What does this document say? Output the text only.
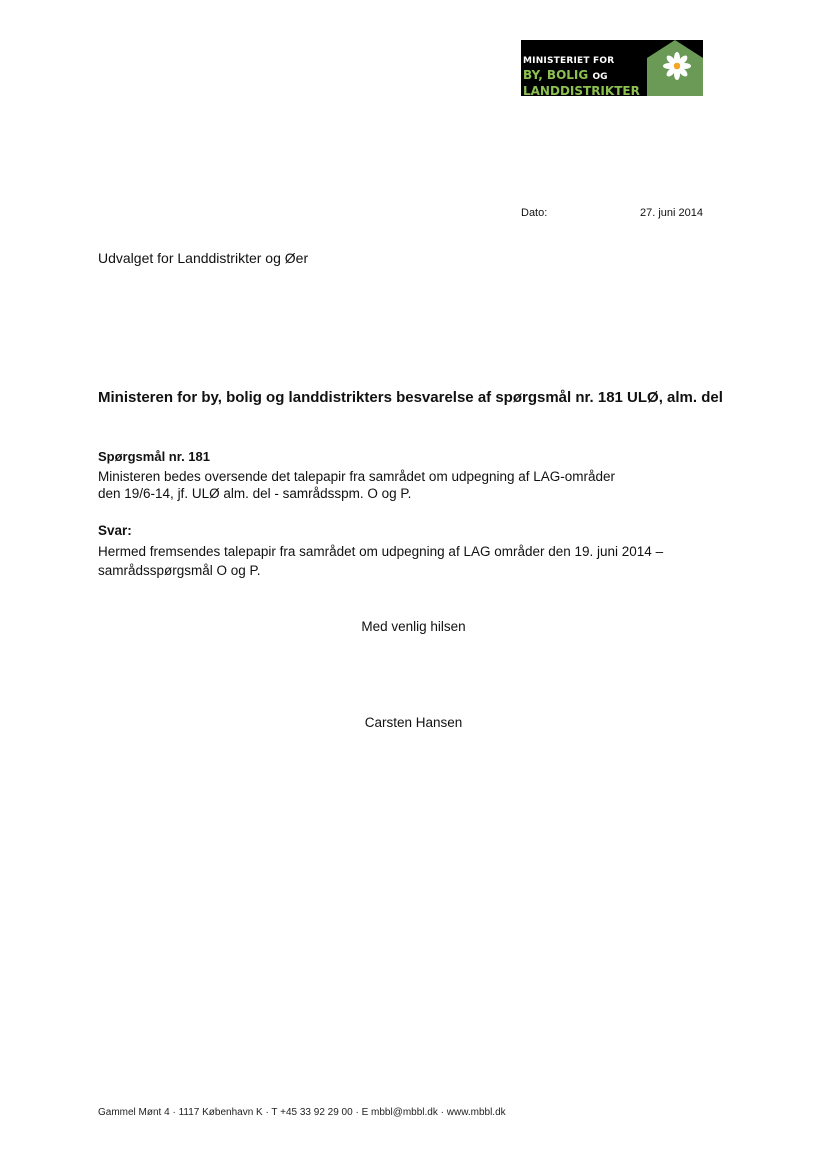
MINISTERIET FOR
BY, BOLIG OG
LANDDISTRIKTER
Dato:	27. juni 2014
Udvalget for Landdistrikter og Øer
Ministeren for by, bolig og landdistrikters besvarelse af spørgsmål nr. 181 ULØ, alm. del
Spørgsmål nr. 181
Ministeren bedes oversende det talepapir fra samrådet om udpegning af LAG-områder
den 19/6-14, jf. ULØ alm. del - samrådsspm. O og P.
Svar:
Hermed fremsendes talepapir fra samrådet om udpegning af LAG områder den 19. juni 2014 –
samrådsspørgsmål O og P.
Med venlig hilsen
Carsten Hansen
Gammel Mønt 4 · 1117 København K · T +45 33 92 29 00 · E mbbl@mbbl.dk · www.mbbl.dk
